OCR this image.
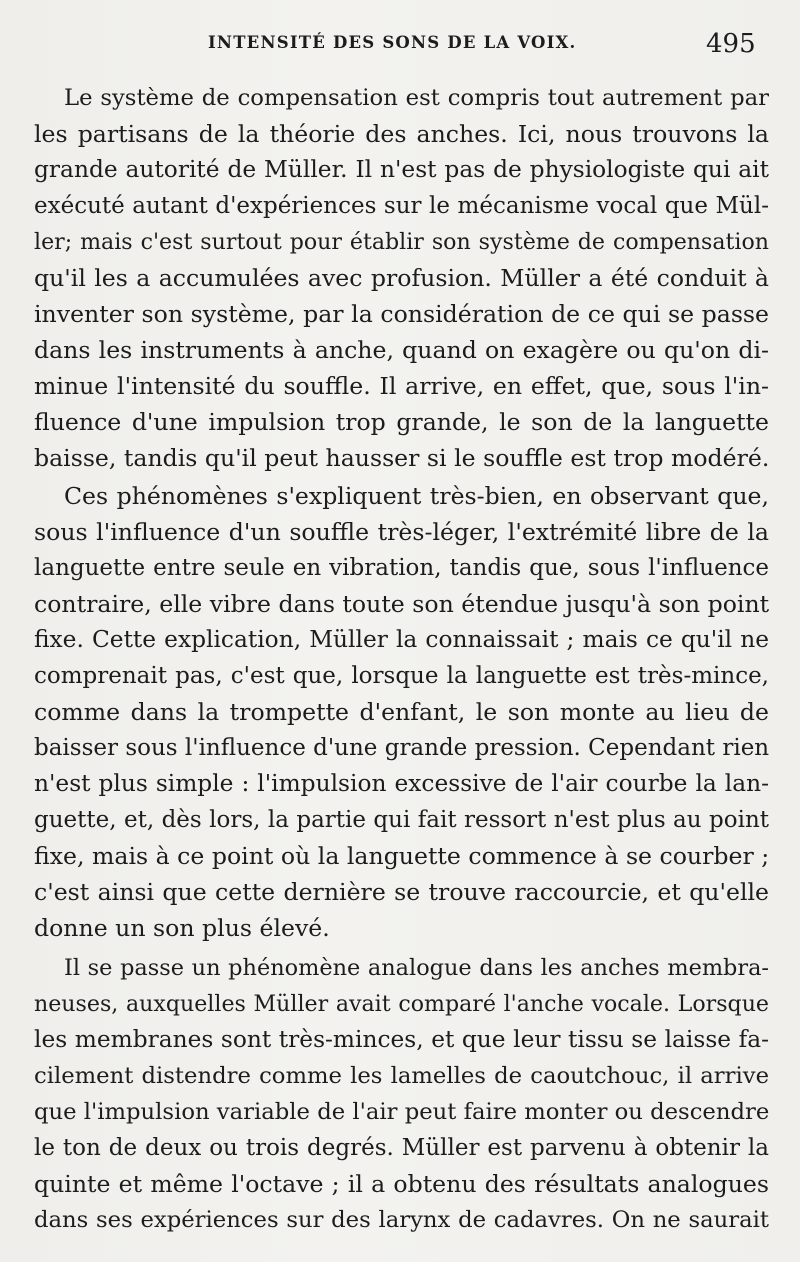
INTENSITÉ DES SONS DE LA VOIX.	495
Le système de compensation est compris tout autrement par
les partisans de la théorie des anches. Ici, nous trouvons la
grande autorité de Müller. Il n'est pas de physiologiste qui ait
exécuté autant d'expériences sur le mécanisme vocal que Mül-
ler; mais c'est surtout pour établir son système de compensation
qu'il les a accumulées avec profusion. Müller a été conduit à
inventer son système, par la considération de ce qui se passe
dans les instruments à anche, quand on exagère ou qu'on di-
minue l'intensité du souffle. Il arrive, en effet, que, sous l'in-
fluence d'une impulsion trop grande, le son de la languette
baisse, tandis qu'il peut hausser si le souffle est trop modéré.
Ces phénomènes s'expliquent très-bien, en observant que,
sous l'influence d'un souffle très-léger, l'extrémité libre de la
languette entre seule en vibration, tandis que, sous l'influence
contraire, elle vibre dans toute son étendue jusqu'à son point
fixe. Cette explication, Müller la connaissait ; mais ce qu'il ne
comprenait pas, c'est que, lorsque la languette est très-mince,
comme dans la trompette d'enfant, le son monte au lieu de
baisser sous l'influence d'une grande pression. Cependant rien
n'est plus simple : l'impulsion excessive de l'air courbe la lan-
guette, et, dès lors, la partie qui fait ressort n'est plus au point
fixe, mais à ce point où la languette commence à se courber ;
c'est ainsi que cette dernière se trouve raccourcie, et qu'elle
donne un son plus élevé.
Il se passe un phénomène analogue dans les anches membra-
neuses, auxquelles Müller avait comparé l'anche vocale. Lorsque
les membranes sont très-minces, et que leur tissu se laisse fa-
cilement distendre comme les lamelles de caoutchouc, il arrive
que l'impulsion variable de l'air peut faire monter ou descendre
le ton de deux ou trois degrés. Müller est parvenu à obtenir la
quinte et même l'octave ; il a obtenu des résultats analogues
dans ses expériences sur des larynx de cadavres. On ne saurait
